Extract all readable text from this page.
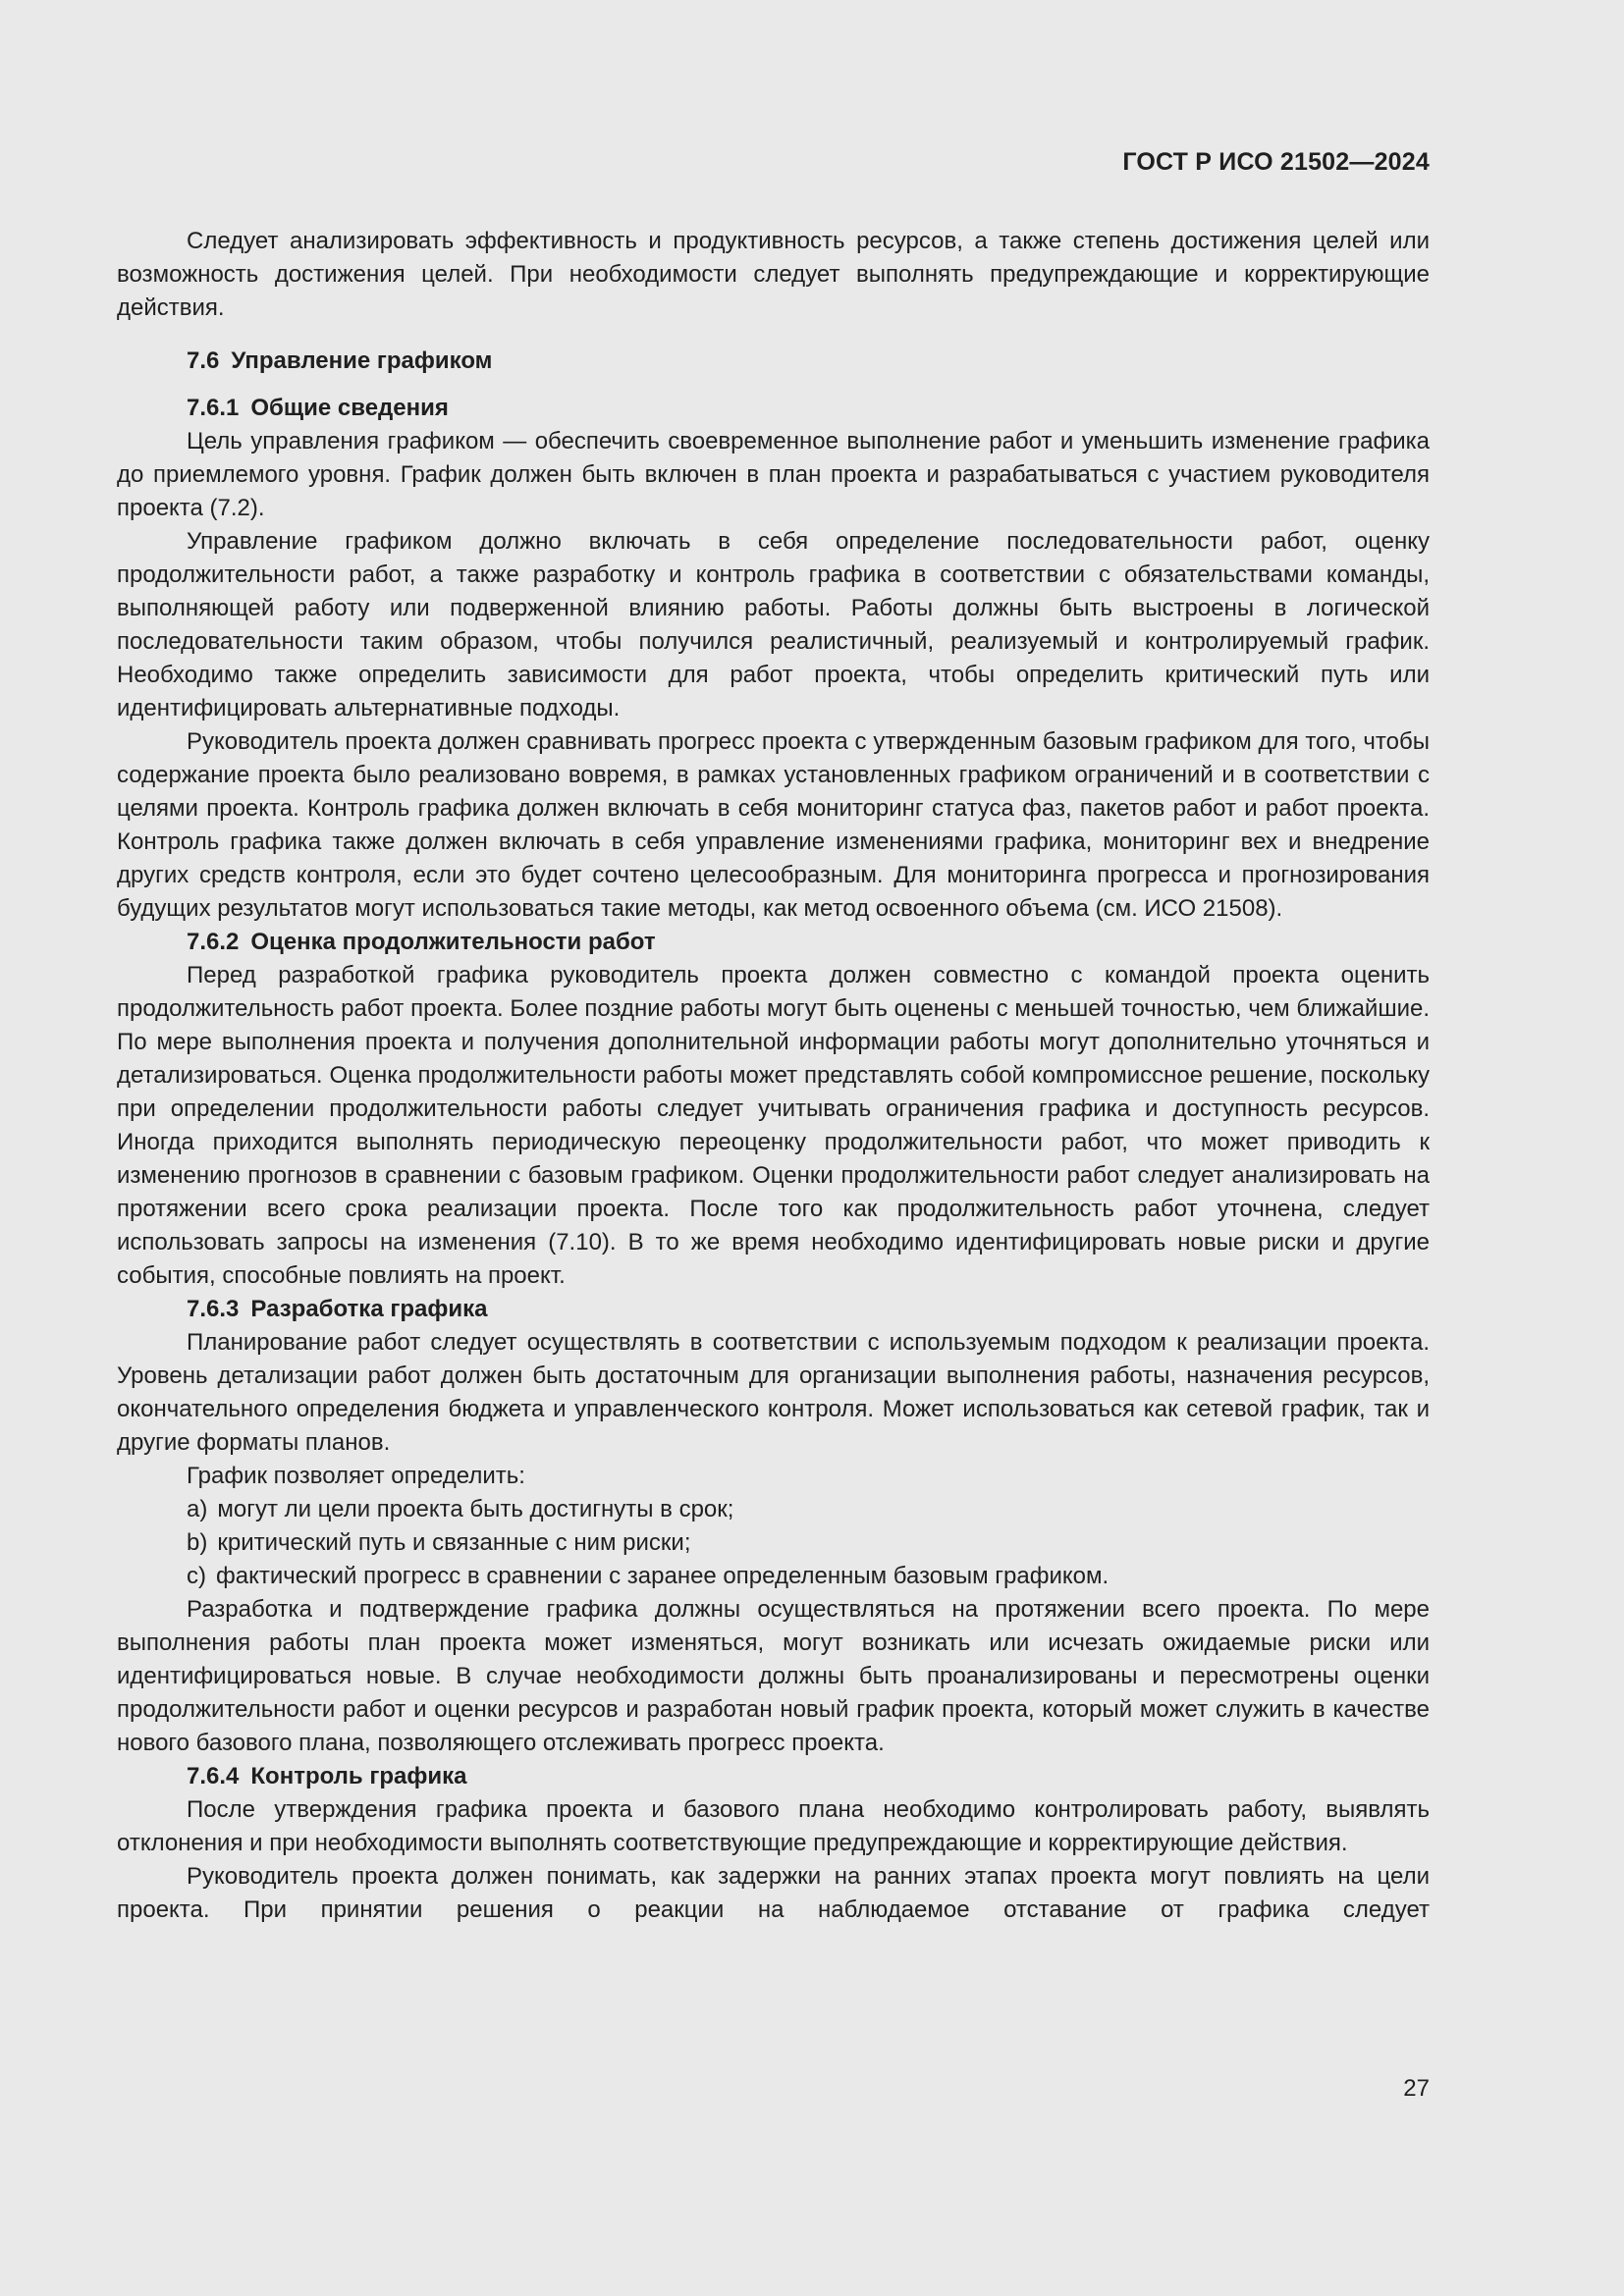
ГОСТ Р ИСО 21502—2024

Следует анализировать эффективность и продуктивность ресурсов, а также степень достижения целей или возможность достижения целей. При необходимости следует выполнять предупреждающие и корректирующие действия.

7.6 Управление графиком
7.6.1 Общие сведения

Цель управления графиком — обеспечить своевременное выполнение работ и уменьшить изменение графика до приемлемого уровня. График должен быть включен в план проекта и разрабатываться с участием руководителя проекта (7.2).

Управление графиком должно включать в себя определение последовательности работ, оценку продолжительности работ, а также разработку и контроль графика в соответствии с обязательствами команды, выполняющей работу или подверженной влиянию работы. Работы должны быть выстроены в логической последовательности таким образом, чтобы получился реалистичный, реализуемый и контролируемый график. Необходимо также определить зависимости для работ проекта, чтобы определить критический путь или идентифицировать альтернативные подходы.

Руководитель проекта должен сравнивать прогресс проекта с утвержденным базовым графиком для того, чтобы содержание проекта было реализовано вовремя, в рамках установленных графиком ограничений и в соответствии с целями проекта. Контроль графика должен включать в себя мониторинг статуса фаз, пакетов работ и работ проекта. Контроль графика также должен включать в себя управление изменениями графика, мониторинг вех и внедрение других средств контроля, если это будет сочтено целесообразным. Для мониторинга прогресса и прогнозирования будущих результатов могут использоваться такие методы, как метод освоенного объема (см. ИСО 21508).

7.6.2 Оценка продолжительности работ

Перед разработкой графика руководитель проекта должен совместно с командой проекта оценить продолжительность работ проекта. Более поздние работы могут быть оценены с меньшей точностью, чем ближайшие. По мере выполнения проекта и получения дополнительной информации работы могут дополнительно уточняться и детализироваться. Оценка продолжительности работы может представлять собой компромиссное решение, поскольку при определении продолжительности работы следует учитывать ограничения графика и доступность ресурсов. Иногда приходится выполнять периодическую переоценку продолжительности работ, что может приводить к изменению прогнозов в сравнении с базовым графиком. Оценки продолжительности работ следует анализировать на протяжении всего срока реализации проекта. После того как продолжительность работ уточнена, следует использовать запросы на изменения (7.10). В то же время необходимо идентифицировать новые риски и другие события, способные повлиять на проект.

7.6.3 Разработка графика

Планирование работ следует осуществлять в соответствии с используемым подходом к реализации проекта. Уровень детализации работ должен быть достаточным для организации выполнения работы, назначения ресурсов, окончательного определения бюджета и управленческого контроля. Может использоваться как сетевой график, так и другие форматы планов.

График позволяет определить:

a) могут ли цели проекта быть достигнуты в срок;
b) критический путь и связанные с ним риски;
c) фактический прогресс в сравнении с заранее определенным базовым графиком.

Разработка и подтверждение графика должны осуществляться на протяжении всего проекта. По мере выполнения работы план проекта может изменяться, могут возникать или исчезать ожидаемые риски или идентифицироваться новые. В случае необходимости должны быть проанализированы и пересмотрены оценки продолжительности работ и оценки ресурсов и разработан новый график проекта, который может служить в качестве нового базового плана, позволяющего отслеживать прогресс проекта.

7.6.4 Контроль графика

После утверждения графика проекта и базового плана необходимо контролировать работу, выявлять отклонения и при необходимости выполнять соответствующие предупреждающие и корректирующие действия.

Руководитель проекта должен понимать, как задержки на ранних этапах проекта могут повлиять на цели проекта. При принятии решения о реакции на наблюдаемое отставание от графика следует

27
